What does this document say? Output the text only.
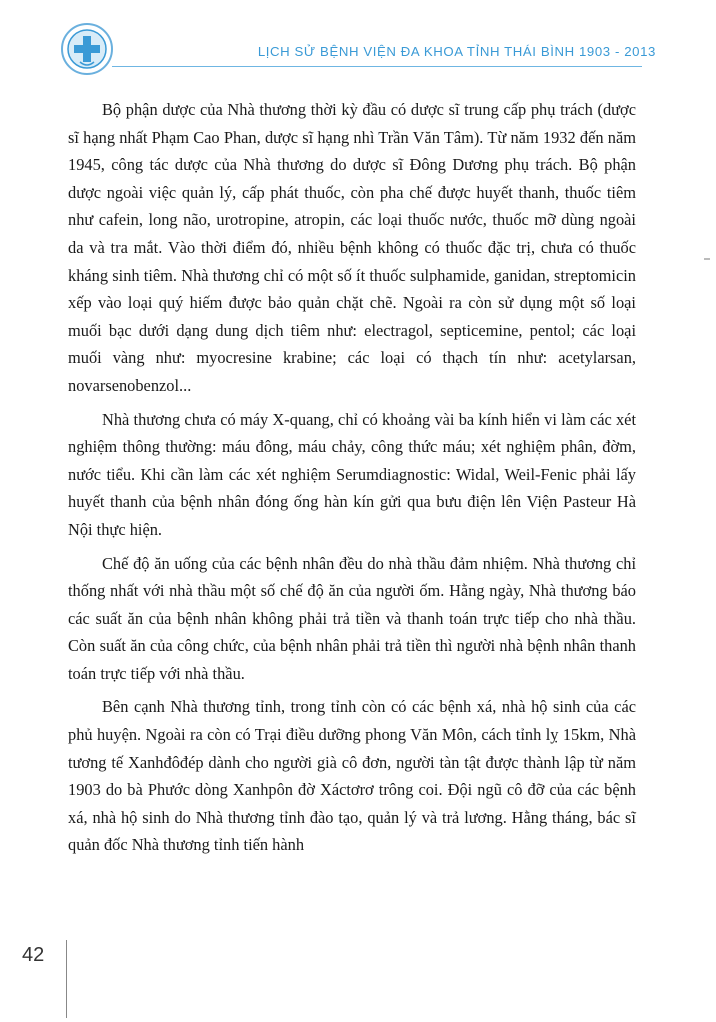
LỊCH SỬ BỆNH VIỆN ĐA KHOA TỈNH THÁI BÌNH 1903 - 2013

Bộ phận dược của Nhà thương thời kỳ đầu có dược sĩ trung cấp phụ trách (dược sĩ hạng nhất Phạm Cao Phan, dược sĩ hạng nhì Trần Văn Tâm). Từ năm 1932 đến năm 1945, công tác dược của Nhà thương do dược sĩ Đông Dương phụ trách. Bộ phận dược ngoài việc quản lý, cấp phát thuốc, còn pha chế được huyết thanh, thuốc tiêm như cafein, long não, urotropine, atropin, các loại thuốc nước, thuốc mỡ dùng ngoài da và tra mắt. Vào thời điểm đó, nhiều bệnh không có thuốc đặc trị, chưa có thuốc kháng sinh tiêm. Nhà thương chỉ có một số ít thuốc sulphamide, ganidan, streptomicin xếp vào loại quý hiếm được bảo quản chặt chẽ. Ngoài ra còn sử dụng một số loại muối bạc dưới dạng dung dịch tiêm như: electragol, septicemine, pentol; các loại muối vàng như: myocresine krabine; các loại có thạch tín như: acetylarsan, novarsenobenzol...

Nhà thương chưa có máy X-quang, chỉ có khoảng vài ba kính hiển vi làm các xét nghiệm thông thường: máu đông, máu chảy, công thức máu; xét nghiệm phân, đờm, nước tiểu. Khi cần làm các xét nghiệm Serumdiagnostic: Widal, Weil-Fenic phải lấy huyết thanh của bệnh nhân đóng ống hàn kín gửi qua bưu điện lên Viện Pasteur Hà Nội thực hiện.

Chế độ ăn uống của các bệnh nhân đều do nhà thầu đảm nhiệm. Nhà thương chỉ thống nhất với nhà thầu một số chế độ ăn của người ốm. Hằng ngày, Nhà thương báo các suất ăn của bệnh nhân không phải trả tiền và thanh toán trực tiếp cho nhà thầu. Còn suất ăn của công chức, của bệnh nhân phải trả tiền thì người nhà bệnh nhân thanh toán trực tiếp với nhà thầu.

Bên cạnh Nhà thương tỉnh, trong tỉnh còn có các bệnh xá, nhà hộ sinh của các phủ huyện. Ngoài ra còn có Trại điều dưỡng phong Văn Môn, cách tỉnh lỵ 15km, Nhà tương tế Xanhđôđép dành cho người già cô đơn, người tàn tật được thành lập từ năm 1903 do bà Phước dòng Xanhpôn đờ Xáctơrơ trông coi. Đội ngũ cô đỡ của các bệnh xá, nhà hộ sinh do Nhà thương tỉnh đào tạo, quản lý và trả lương. Hằng tháng, bác sĩ quản đốc Nhà thương tỉnh tiến hành

42
